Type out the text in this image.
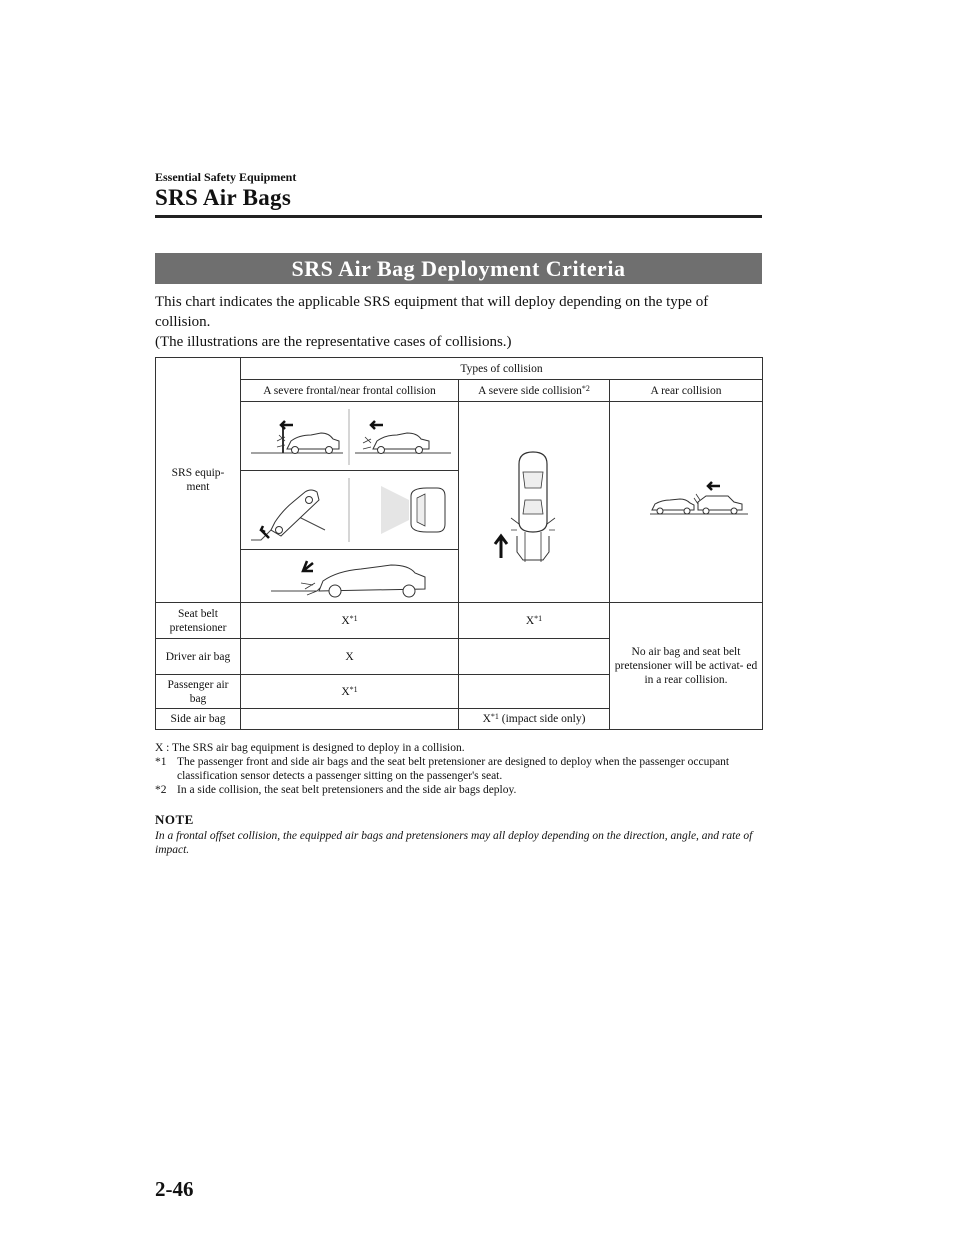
Essential Safety Equipment
SRS Air Bags
SRS Air Bag Deployment Criteria

This chart indicates the applicable SRS equipment that will deploy depending on the type of collision.

(The illustrations are the representative cases of collisions.)

SRS equip- ment	Types of collision		
	A severe frontal/near frontal collision	A severe side collision$^{*2}$	A rear collision

Seat belt pretensioner	$X^{*1}$	$X^{*1}$	No air bag and seat belt pretensioner will be activat- ed in a rear collision.
Driver air bag	X		
Passenger air bag	$X^{*1}$	
Side air bag		$X^{*1}$ (impact side only)	
X : The SRS air bag equipment is designed to deploy in a collision.
*1 The passenger front and side air bags and the seat belt pretensioner are designed to deploy when the passenger occupant classification sensor detects a passenger sitting on the passenger's seat.
*2 In a side collision, the seat belt pretensioners and the side air bags deploy.
NOTE
In a frontal offset collision, the equipped air bags and pretensioners may all deploy depending on the direction, angle, and rate of impact.
2-46
